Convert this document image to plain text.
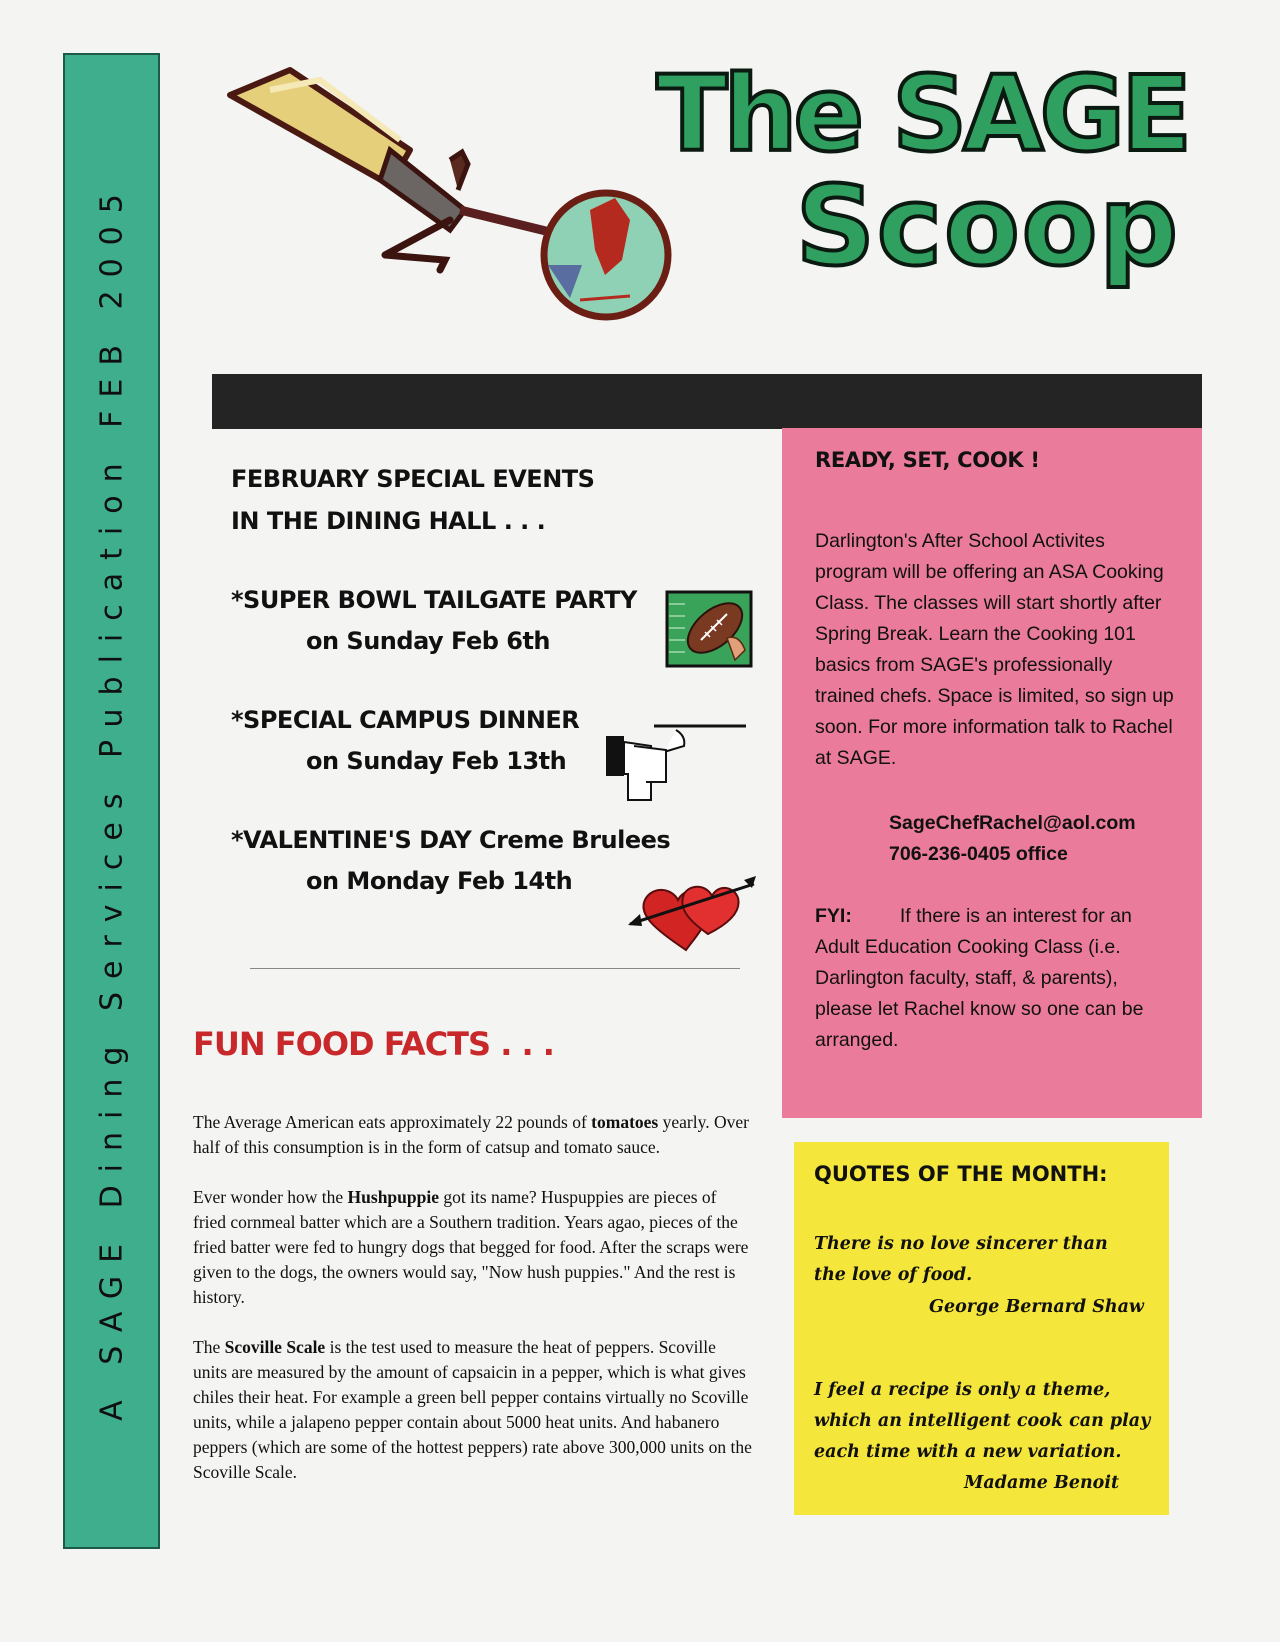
A SAGE Dining Services Publication FEB 2005
The SAGE
Scoop
FEBRUARY SPECIAL EVENTS
IN THE DINING HALL . . .
*SUPER BOWL TAILGATE PARTY
on Sunday Feb 6th
*SPECIAL CAMPUS DINNER
on Sunday Feb 13th
*VALENTINE'S DAY Creme Brulees
on Monday Feb 14th
FUN FOOD FACTS . . .

The Average American eats approximately 22 pounds of tomatoes yearly. Over half of this consumption is in the form of catsup and tomato sauce.

Ever wonder how the Hushpuppie got its name? Huspuppies are pieces of fried cornmeal batter which are a Southern tradition. Years agao, pieces of the fried batter were fed to hungry dogs that begged for food. After the scraps were given to the dogs, the owners would say, "Now hush puppies." And the rest is history.

The Scoville Scale is the test used to measure the heat of peppers. Scoville units are measured by the amount of capsaicin in a pepper, which is what gives chiles their heat. For example a green bell pepper contains virtually no Scoville units, while a jalapeno pepper contain about 5000 heat units. And habanero peppers (which are some of the hottest peppers) rate above 300,000 units on the Scoville Scale.

READY, SET, COOK !
Darlington's After School Activites program will be offering an ASA Cooking Class. The classes will start shortly after Spring Break. Learn the Cooking 101 basics from SAGE's professionally trained chefs. Space is limited, so sign up soon. For more information talk to Rachel at SAGE.
SageChefRachel@aol.com
706-236-0405 office
FYI: If there is an interest for an Adult Education Cooking Class (i.e. Darlington faculty, staff, & parents), please let Rachel know so one can be arranged.
QUOTES OF THE MONTH:
There is no love sincerer than the love of food.
George Bernard Shaw
I feel a recipe is only a theme, which an intelligent cook can play each time with a new variation.
Madame Benoit
